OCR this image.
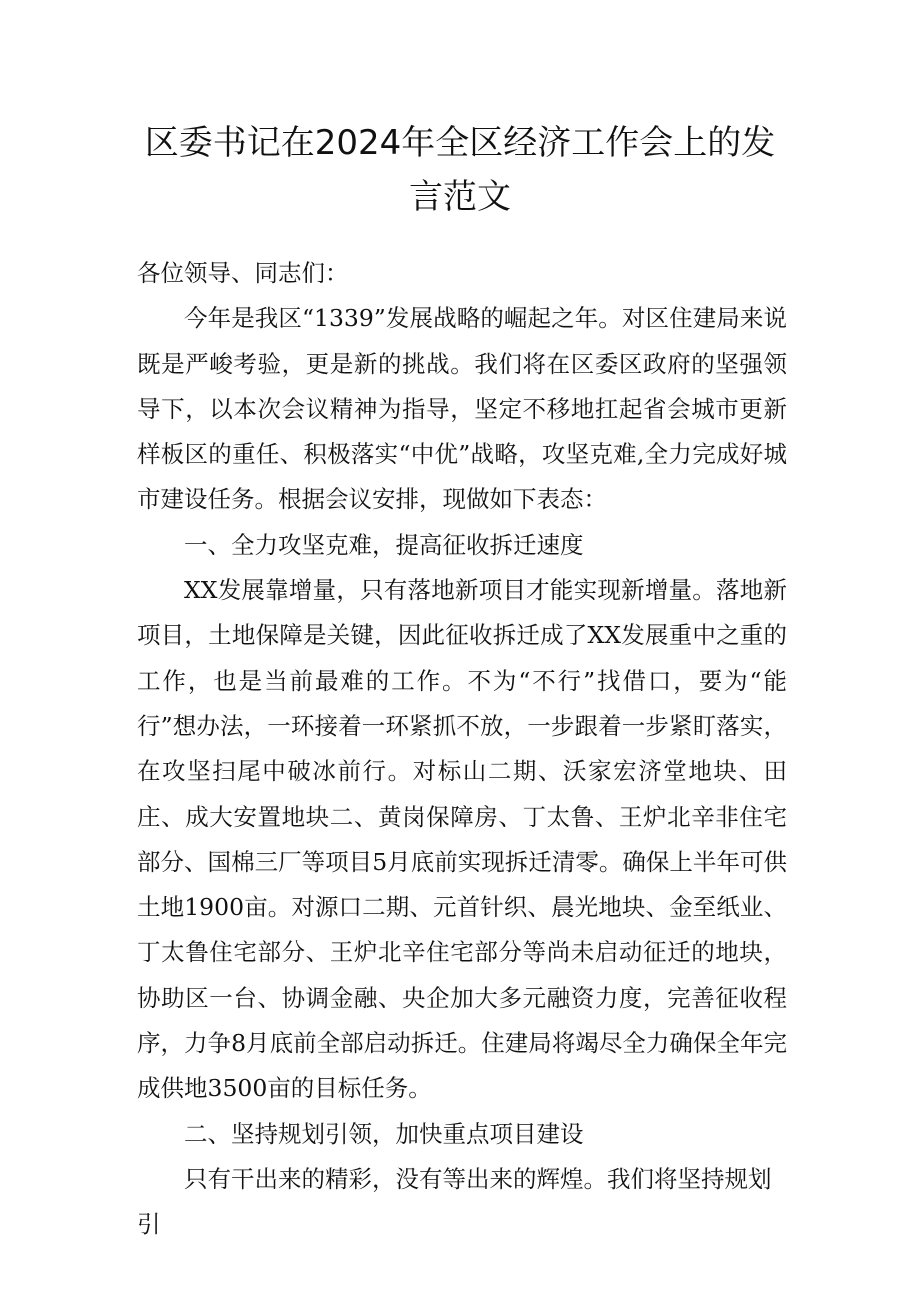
区委书记在2024年全区经济工作会上的发言范文

各位领导、同志们：

今年是我区“1339”发展战略的崛起之年。对区住建局来说既是严峻考验，更是新的挑战。我们将在区委区政府的坚强领导下，以本次会议精神为指导，坚定不移地扛起省会城市更新样板区的重任、积极落实“中优”战略，攻坚克难,全力完成好城市建设任务。根据会议安排，现做如下表态：

一、全力攻坚克难，提高征收拆迁速度

XX发展靠增量，只有落地新项目才能实现新增量。落地新项目，土地保障是关键，因此征收拆迁成了XX发展重中之重的工作，也是当前最难的工作。不为“不行”找借口，要为“能行”想办法，一环接着一环紧抓不放，一步跟着一步紧盯落实，在攻坚扫尾中破冰前行。对标山二期、沃家宏济堂地块、田庄、成大安置地块二、黄岗保障房、丁太鲁、王炉北辛非住宅部分、国棉三厂等项目5月底前实现拆迁清零。确保上半年可供土地1900亩。对源口二期、元首针织、晨光地块、金至纸业、丁太鲁住宅部分、王炉北辛住宅部分等尚未启动征迁的地块，协助区一台、协调金融、央企加大多元融资力度，完善征收程序，力争8月底前全部启动拆迁。住建局将竭尽全力确保全年完成供地3500亩的目标任务。

二、坚持规划引领，加快重点项目建设

只有干出来的精彩，没有等出来的辉煌。我们将坚持规划引
